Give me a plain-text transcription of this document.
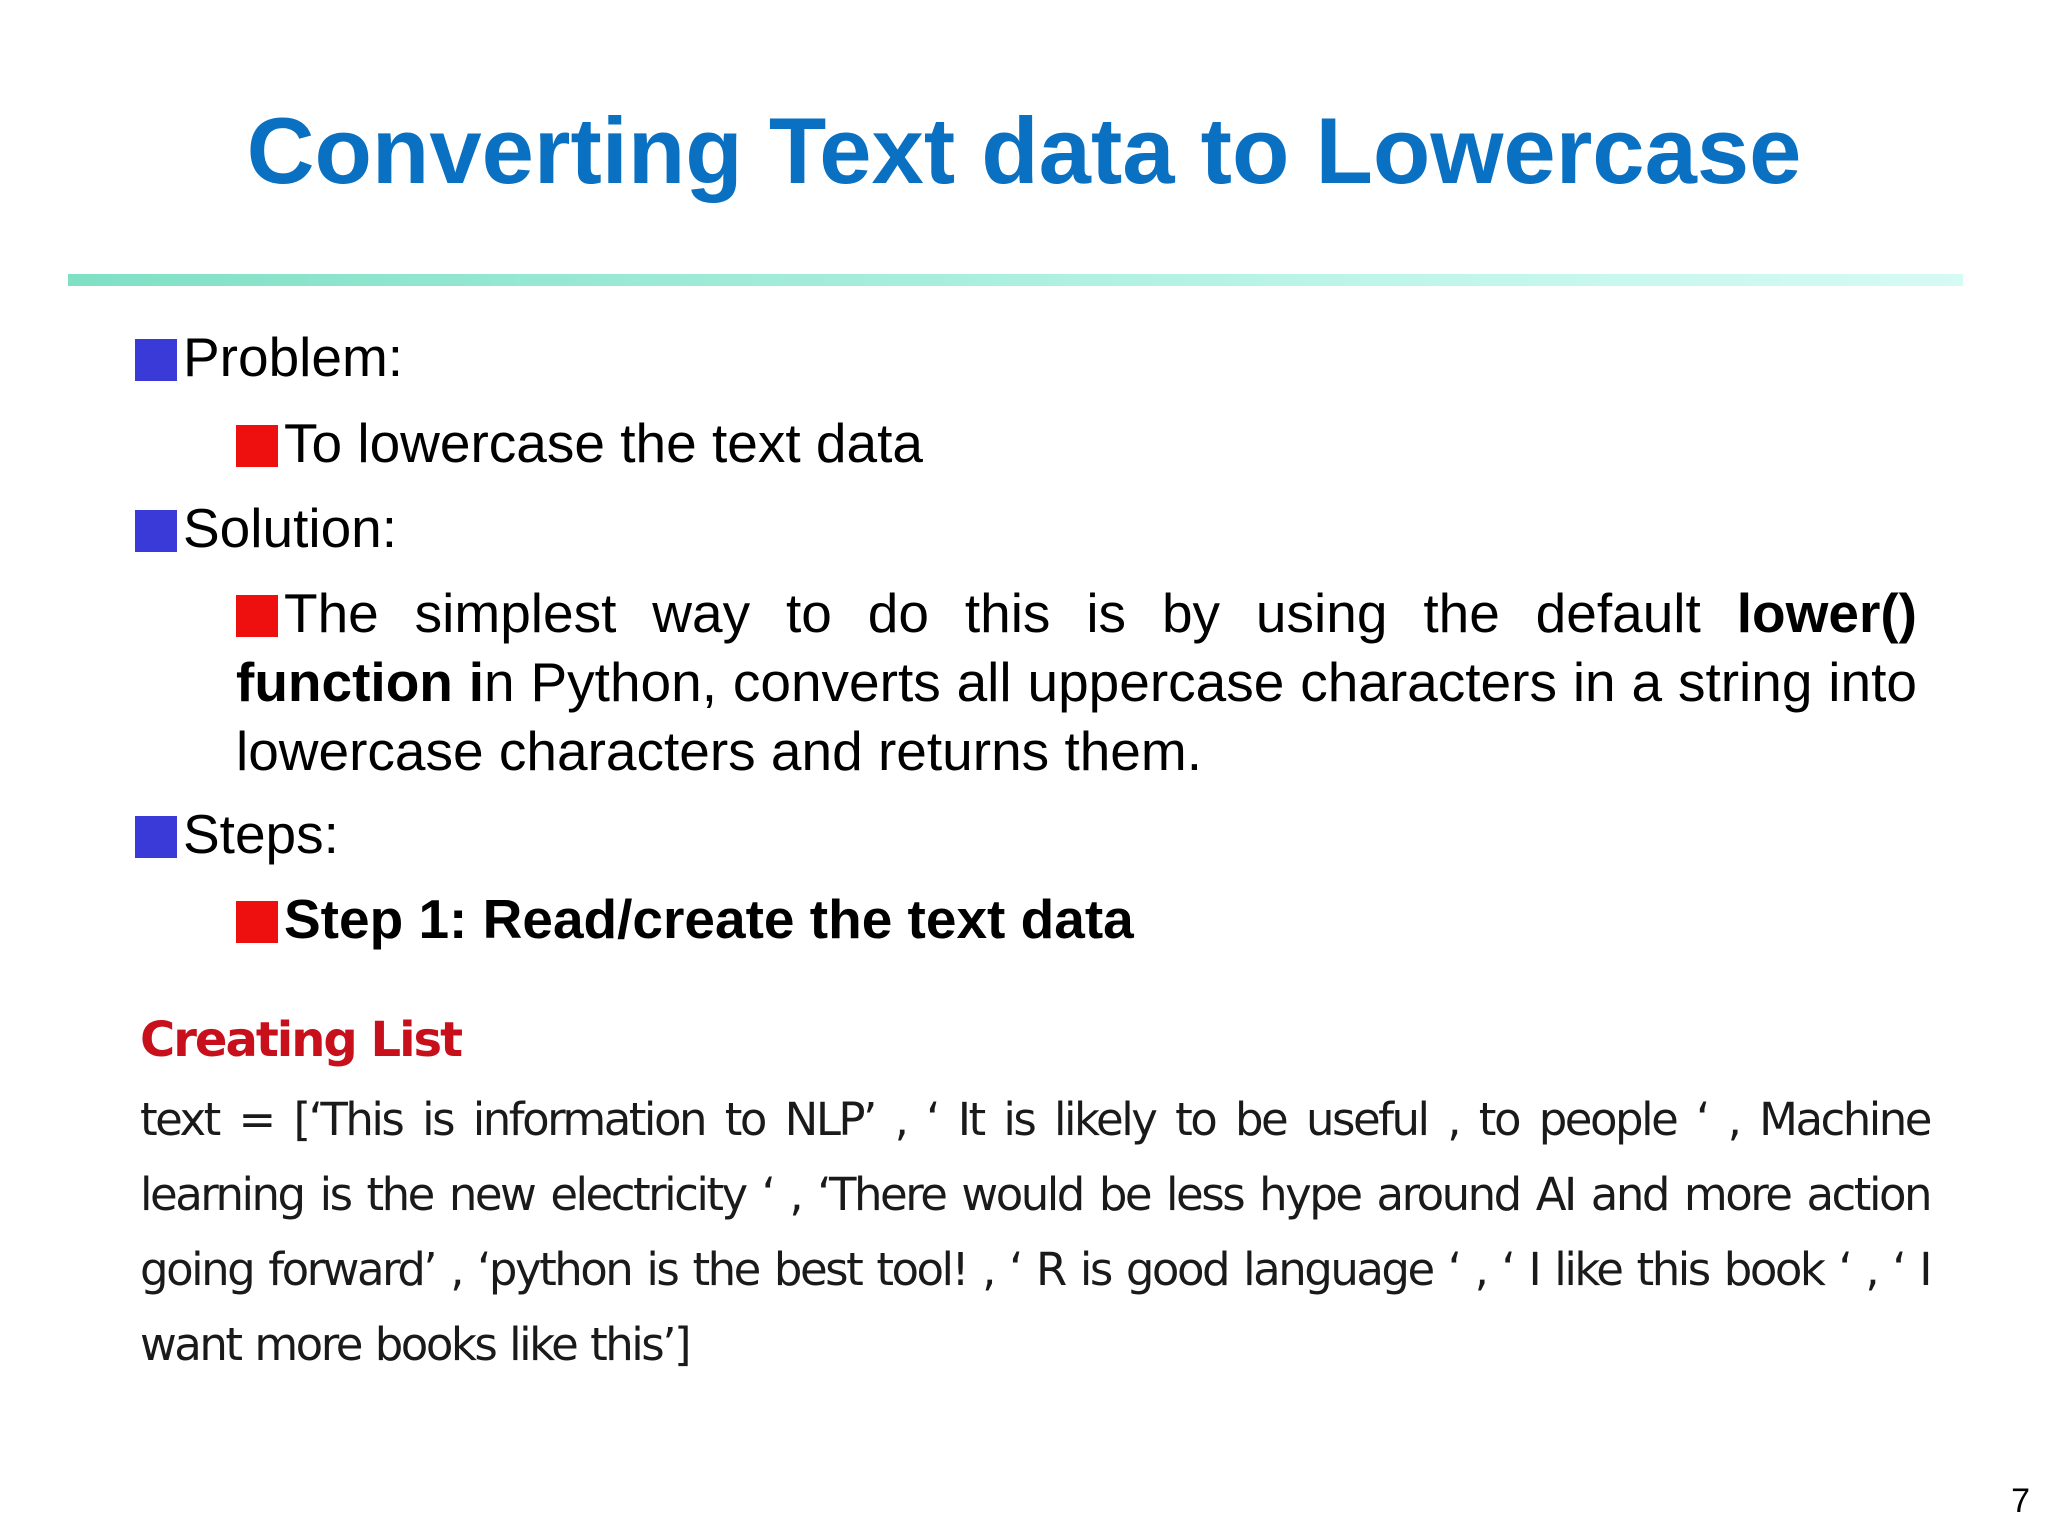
Converting Text data to Lowercase
Problem:
To lowercase the text data
Solution:
The simplest way to do this is by using the default lower() function in Python, converts all uppercase characters in a string into lowercase characters and returns them.
Steps:
Step 1: Read/create the text data
Creating List
text = [‘This is information to NLP’ , ‘ It is likely to be useful , to people ‘ , Machine learning is the new electricity ‘ , ‘There would be less hype around AI and more action going forward’ , ‘python is the best tool! , ‘ R is good language ‘ , ‘ I like this book ‘ , ‘ I want more books like this’]
7
